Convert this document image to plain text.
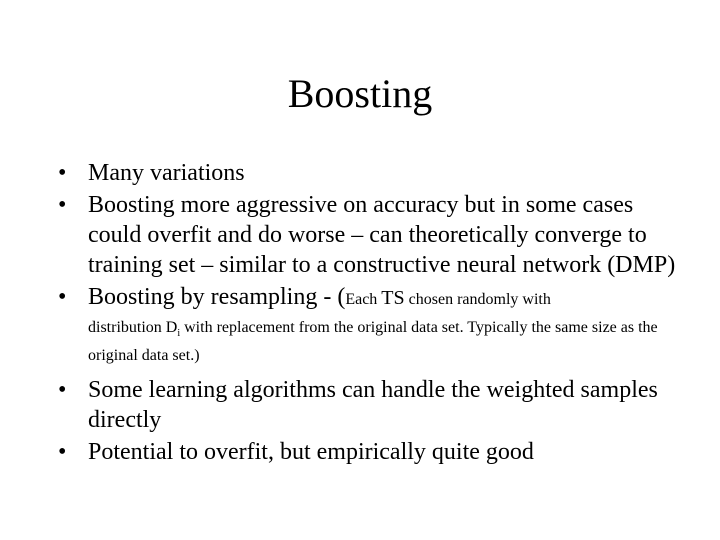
Boosting
• Many variations
• Boosting more aggressive on accuracy but in some cases could overfit and do worse – can theoretically converge to training set – similar to a constructive neural network (DMP)
• Boosting by resampling - (Each TS chosen randomly with
distribution $D_i$ with replacement from the original data set. Typically the same size as the original data set.)
• Some learning algorithms can handle the weighted samples directly
• Potential to overfit, but empirically quite good
